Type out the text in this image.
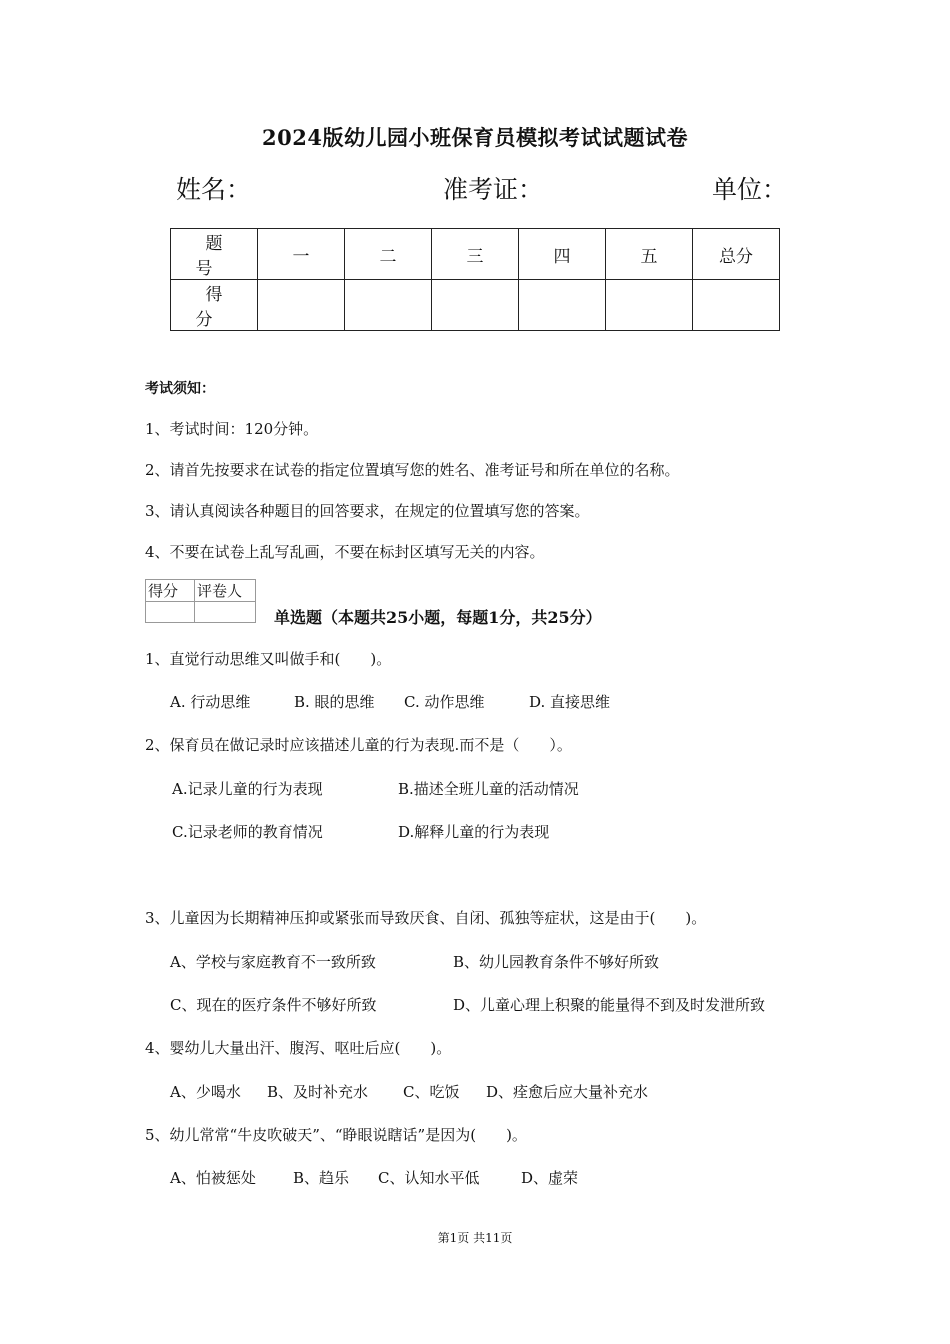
2024版幼儿园小班保育员模拟考试试题试卷
姓名：	准考证：	单位：
题号	一	二	三	四	五	总分
得分						
考试须知：
1、考试时间：120分钟。
2、请首先按要求在试卷的指定位置填写您的姓名、准考证号和所在单位的名称。
3、请认真阅读各种题目的回答要求，在规定的位置填写您的答案。
4、不要在试卷上乱写乱画，不要在标封区填写无关的内容。
得分	评卷人

单选题（本题共25小题，每题1分，共25分）
1、直觉行动思维又叫做手和(　　)。
A. 行动思维	B. 眼的思维 C. 动作思维	D. 直接思维
2、保育员在做记录时应该描述儿童的行为表现.而不是（　　）。
A.记录儿童的行为表现	B.描述全班儿童的活动情况
C.记录老师的教育情况	D.解释儿童的行为表现
3、儿童因为长期精神压抑或紧张而导致厌食、自闭、孤独等症状，这是由于(　　)。
A、学校与家庭教育不一致所致	B、幼儿园教育条件不够好所致
C、现在的医疗条件不够好所致	D、儿童心理上积聚的能量得不到及时发泄所致
4、婴幼儿大量出汗、腹泻、呕吐后应(　　)。
A、少喝水 B、及时补充水 C、吃饭 D、痊愈后应大量补充水
5、幼儿常常“牛皮吹破天”、“睁眼说瞎话”是因为(　　)。
A、怕被惩处 B、趋乐 C、认知水平低	D、虚荣
第1页 共11页
